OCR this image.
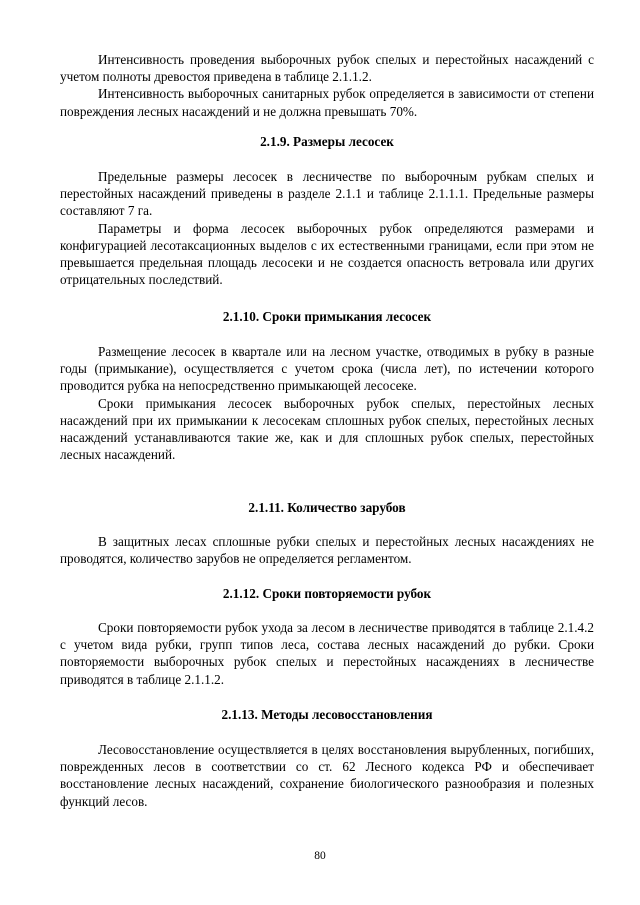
Интенсивность проведения выборочных рубок спелых и перестойных насаждений с учетом полноты древостоя приведена в таблице 2.1.1.2.

Интенсивность выборочных санитарных рубок определяется в зависимости от степени повреждения лесных насаждений и не должна превышать 70%.

2.1.9. Размеры лесосек

Предельные размеры лесосек в лесничестве по выборочным рубкам спелых и перестойных насаждений приведены в разделе 2.1.1 и таблице 2.1.1.1. Предельные размеры составляют 7 га.

Параметры и форма лесосек выборочных рубок определяются размерами и конфигурацией лесотаксационных выделов с их естественными границами, если при этом не превышается предельная площадь лесосеки и не создается опасность ветровала или других отрицательных последствий.

2.1.10. Сроки примыкания лесосек

Размещение лесосек в квартале или на лесном участке, отводимых в рубку в разные годы (примыкание), осуществляется с учетом срока (числа лет), по истечении которого проводится рубка на непосредственно примыкающей лесосеке.

Сроки примыкания лесосек выборочных рубок спелых, перестойных лесных насаждений при их примыкании к лесосекам сплошных рубок спелых, перестойных лесных насаждений устанавливаются такие же, как и для сплошных рубок спелых, перестойных лесных насаждений.

2.1.11. Количество зарубов

В защитных лесах сплошные рубки спелых и перестойных лесных насаждениях не проводятся, количество зарубов не определяется регламентом.

2.1.12. Сроки повторяемости рубок

Сроки повторяемости рубок ухода за лесом в лесничестве приводятся в таблице 2.1.4.2 с учетом вида рубки, групп типов леса, состава лесных насаждений до рубки. Сроки повторяемости выборочных рубок спелых и перестойных насаждениях в лесничестве приводятся в таблице 2.1.1.2.

2.1.13. Методы лесовосстановления

Лесовосстановление осуществляется в целях восстановления вырубленных, погибших, поврежденных лесов в соответствии со ст. 62 Лесного кодекса РФ и обеспечивает восстановление лесных насаждений, сохранение биологического разнообразия и полезных функций лесов.

80
